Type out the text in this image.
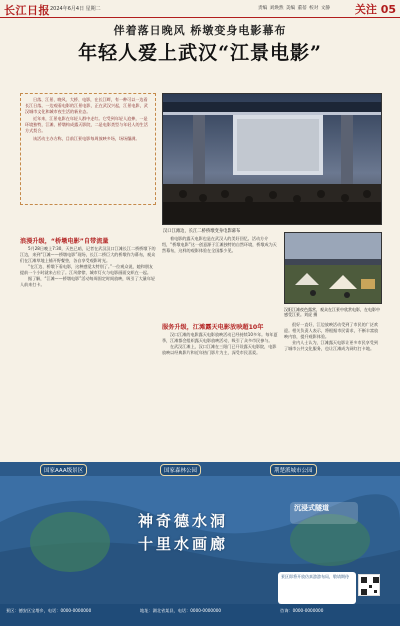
长江日报 2024年6月4日 星期二	责编 刘焕然 美编 董蓓 校对 文静 关注 05
伴着落日晚风 桥墩变身电影幕布
年轻人爱上武汉“江景电影”

日落、江景、晚风、大桥、电影，在长江畔，有一种可以一边看长江日落，一边观看电影的江景电影，正在武汉兴起，江景电影，武汉城市文化和城市夜生活的新业态。

近年来，江景电影在年轻人群中走红。它受到年轻人追捧，一是环境独特，江滩、桥墩构成露天影院，二是电影类型与年轻人的生活方式契合。

该活动主办方称，目前江景电影每周放映多场，场场爆满。

汉口江滩边，长江二桥桥墩变身电影幕布
浪漫升级，“桥墩电影”自带流量

5月28日晚上7:30，天色已暗，记者在武汉汉口江滩长江二桥桥墩下的江边，来到“江滩——桥墩电影”现场，长江二桥巨大的桥墩作为幕布，观众们在江滩草地上铺开野餐垫，各自享受观影时光。

“在江边、桥墩下看电影，这种感觉太特别了。”一位观众说，她和朋友提前一个小时就来占位了。江风徐徐，城市灯火与电影画面交织在一起。

据了解，“江滩——桥墩电影”活动每周固定时间放映，吸引了大量年轻人前来打卡。

着电影的露天电影也是在武汉人的美好回忆。活动方介绍，“桥墩电影”这一创意源于江滩独特的自然环境，桥墩成为天然幕布，这样的观影体验在全国都少见。

服务升级，江滩露天电影放映超10年

汉口江滩的电影露天电影放映活动已经持续10多年。每年夏季，江滩都会组织露天电影放映活动，吸引了众多市民参与。

在武汉江滩上，汉口江滩在三阳门已开设露天电影院，电影放映以经典影片和近年热门影片为主，深受市民喜爱。

汉阳江滩夜色露营，观众在江景中欣赏电影，在电影中感受江景。刘虎 摄

很好一直好，江边放映活动受到了市民的广泛欢迎。相关负责人表示，将根据市民需求，不断丰富放映内容，提升观影体验。

业内人士认为，江滩露天电影让更多市民享受到了城市公共文化服务，也让江滩成为网红打卡地。

国家AAA级景区	国家森林公园	荆楚派城市公园
神奇德水洞
十里水画廊
沉浸式隧道
景区即将开放仿真游游布局，敬请期待
景区：德安区宝塔乡，电话：0000-0000000	地址：湖北省某县，电话：0000-0000000	咨询：0000-0000000
